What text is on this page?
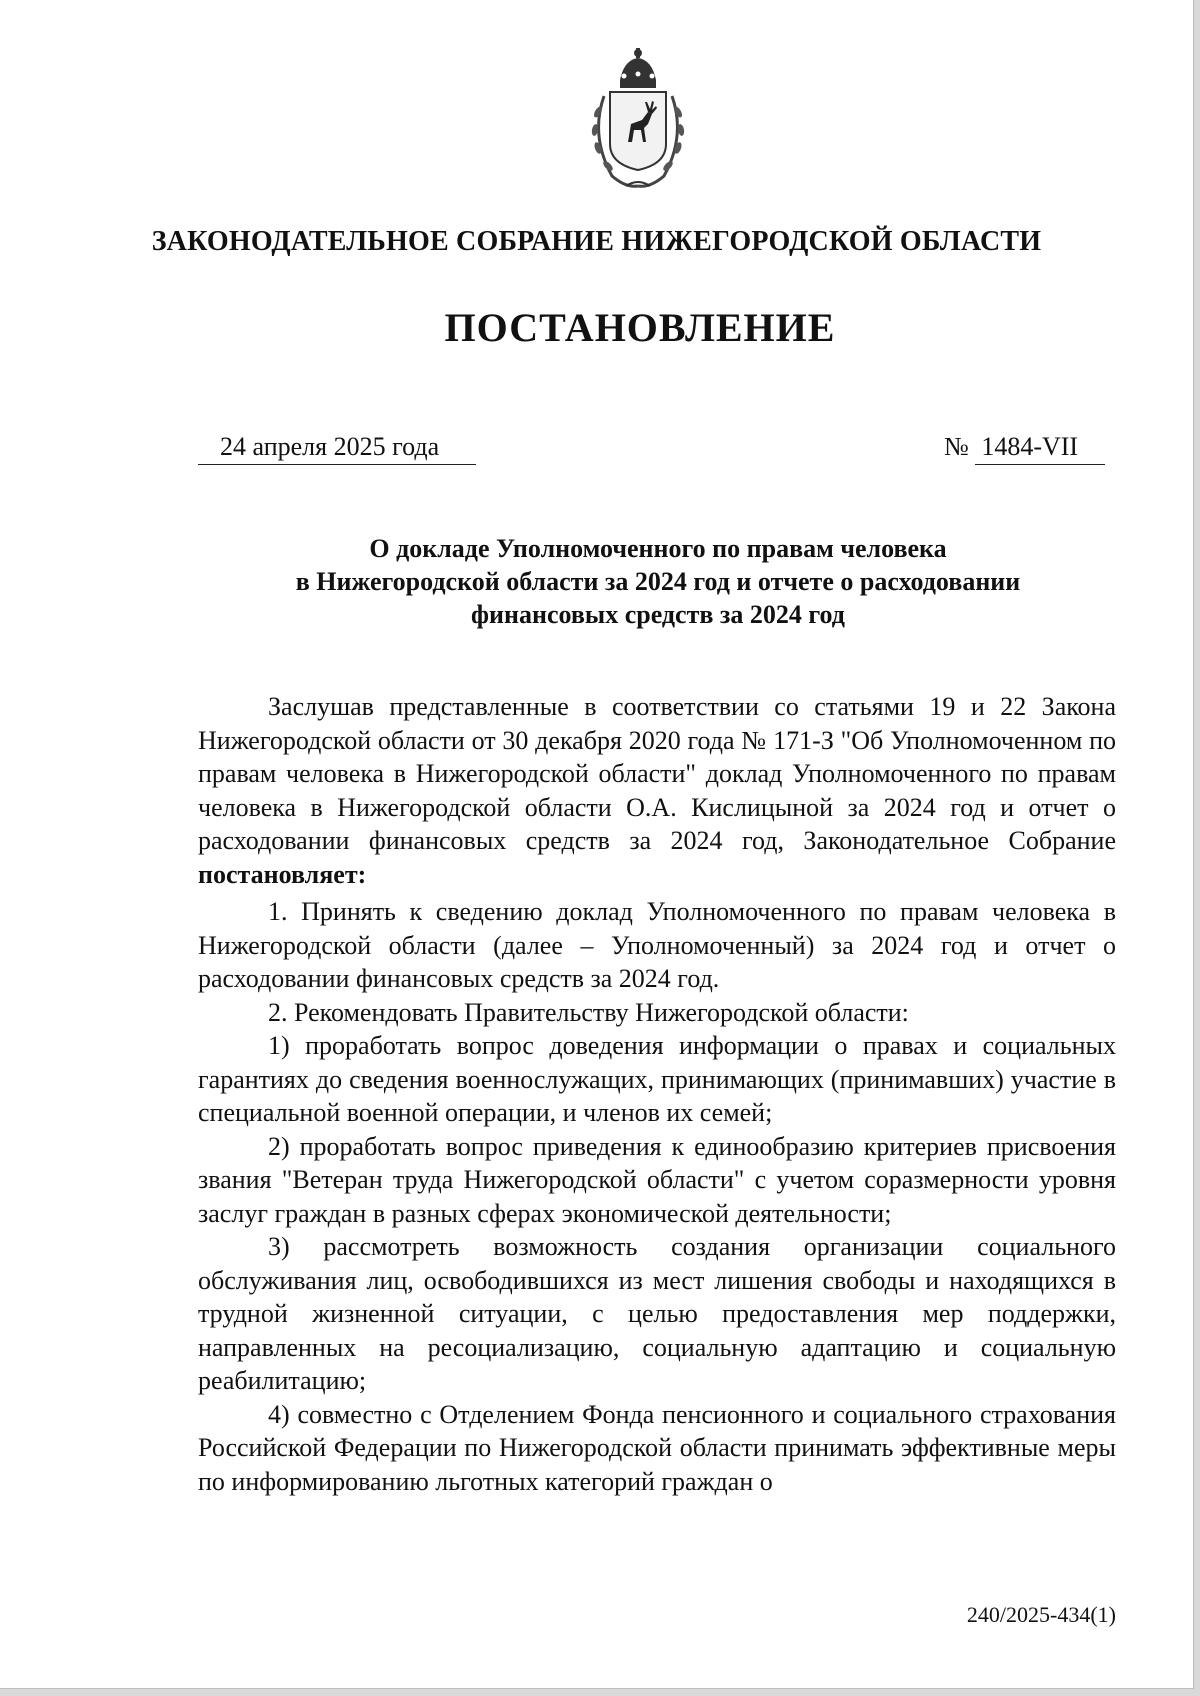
ЗАКОНОДАТЕЛЬНОЕ СОБРАНИЕ НИЖЕГОРОДСКОЙ ОБЛАСТИ
ПОСТАНОВЛЕНИЕ
24 апреля 2025 года	№ 1484-VII
О докладе Уполномоченного по правам человека
в Нижегородской области за 2024 год и отчете о расходовании
финансовых средств за 2024 год

Заслушав представленные в соответствии со статьями 19 и 22 Закона Нижегородской области от 30 декабря 2020 года № 171-З "Об Уполномоченном по правам человека в Нижегородской области" доклад Уполномоченного по правам человека в Нижегородской области О.А. Кислицыной за 2024 год и отчет о расходовании финансовых средств за 2024 год, Законодательное Собрание постановляет:

1. Принять к сведению доклад Уполномоченного по правам человека в Нижегородской области (далее – Уполномоченный) за 2024 год и отчет о расходовании финансовых средств за 2024 год.

2. Рекомендовать Правительству Нижегородской области:

1) проработать вопрос доведения информации о правах и социальных гарантиях до сведения военнослужащих, принимающих (принимавших) участие в специальной военной операции, и членов их семей;

2) проработать вопрос приведения к единообразию критериев присвоения звания "Ветеран труда Нижегородской области" с учетом соразмерности уровня заслуг граждан в разных сферах экономической деятельности;

3) рассмотреть возможность создания организации социального обслуживания лиц, освободившихся из мест лишения свободы и находящихся в трудной жизненной ситуации, с целью предоставления мер поддержки, направленных на ресоциализацию, социальную адаптацию и социальную реабилитацию;

4) совместно с Отделением Фонда пенсионного и социального страхования Российской Федерации по Нижегородской области принимать эффективные меры по информированию льготных категорий граждан о

240/2025-434(1)
